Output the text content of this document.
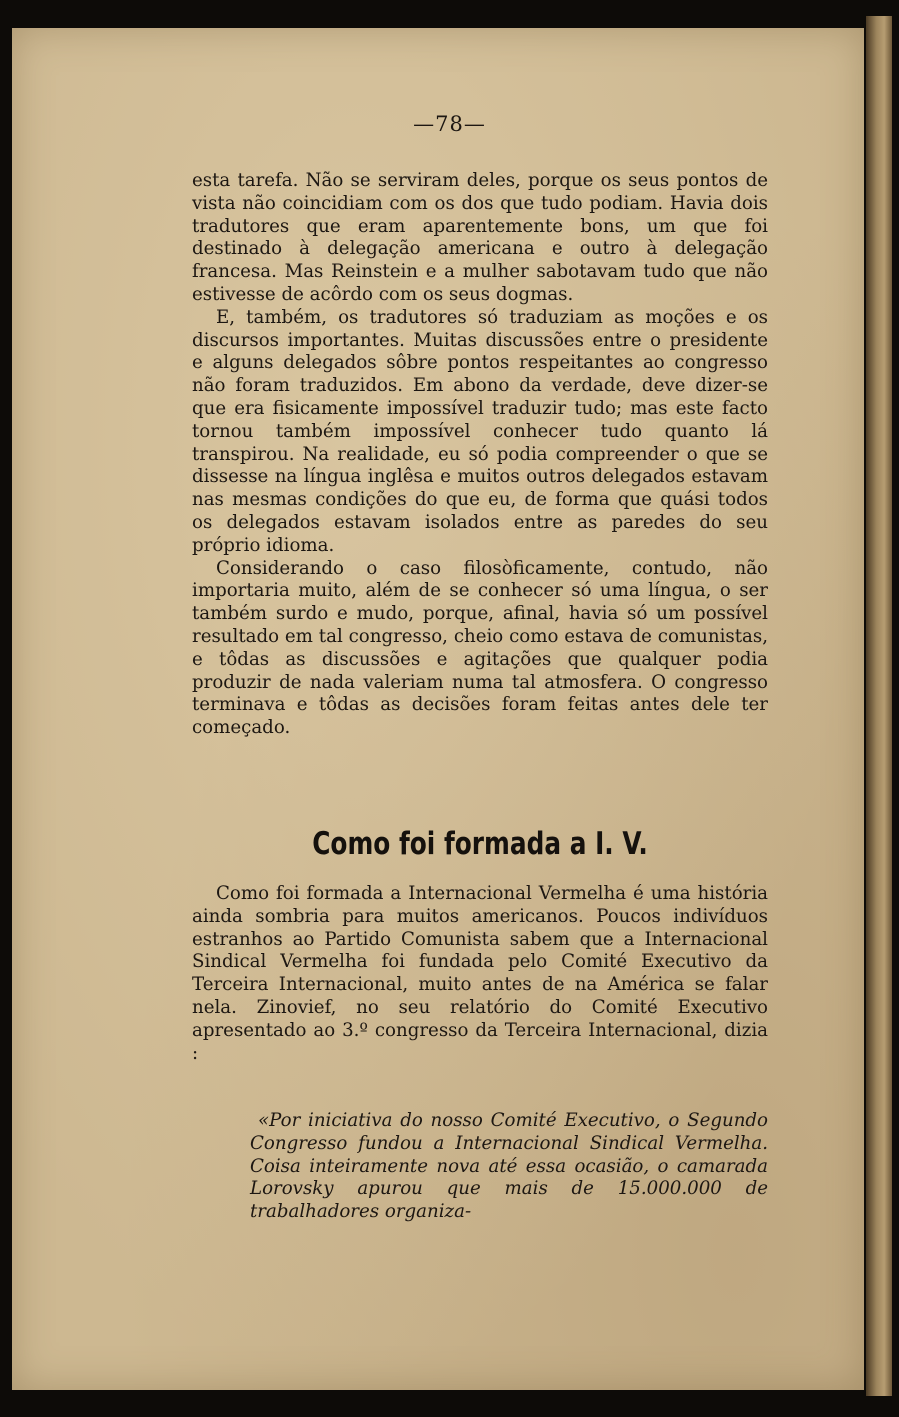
—78—

esta tarefa. Não se serviram deles, porque os seus pontos de vista não coincidiam com os dos que tudo podiam. Havia dois tradutores que eram aparentemente bons, um que foi destinado à delegação americana e outro à delegação francesa. Mas Reinstein e a mulher sabotavam tudo que não estivesse de acôrdo com os seus dogmas.

E, também, os tradutores só traduziam as moções e os discursos importantes. Muitas discussões entre o presidente e alguns delegados sôbre pontos respeitantes ao congresso não foram traduzidos. Em abono da verdade, deve dizer-se que era fisicamente impossível traduzir tudo; mas este facto tornou também impossível conhecer tudo quanto lá transpirou. Na realidade, eu só podia compreender o que se dissesse na língua inglêsa e muitos outros delegados estavam nas mesmas condições do que eu, de forma que quási todos os delegados estavam isolados entre as paredes do seu próprio idioma.

Considerando o caso filosòficamente, contudo, não importaria muito, além de se conhecer só uma língua, o ser também surdo e mudo, porque, afinal, havia só um possível resultado em tal congresso, cheio como estava de comunistas, e tôdas as discussões e agitações que qualquer podia produzir de nada valeriam numa tal atmosfera. O congresso terminava e tôdas as decisões foram feitas antes dele ter começado.

Como foi formada a I. V.

Como foi formada a Internacional Vermelha é uma história ainda sombria para muitos americanos. Poucos indivíduos estranhos ao Partido Comunista sabem que a Internacional Sindical Vermelha foi fundada pelo Comité Executivo da Terceira Internacional, muito antes de na América se falar nela. Zinovief, no seu relatório do Comité Executivo apresentado ao 3.º congresso da Terceira Internacional, dizia :

«Por iniciativa do nosso Comité Executivo, o Segundo Congresso fundou a Internacional Sindical Vermelha. Coisa inteiramente nova até essa ocasião, o camarada Lorovsky apurou que mais de 15.000.000 de trabalhadores organiza-
